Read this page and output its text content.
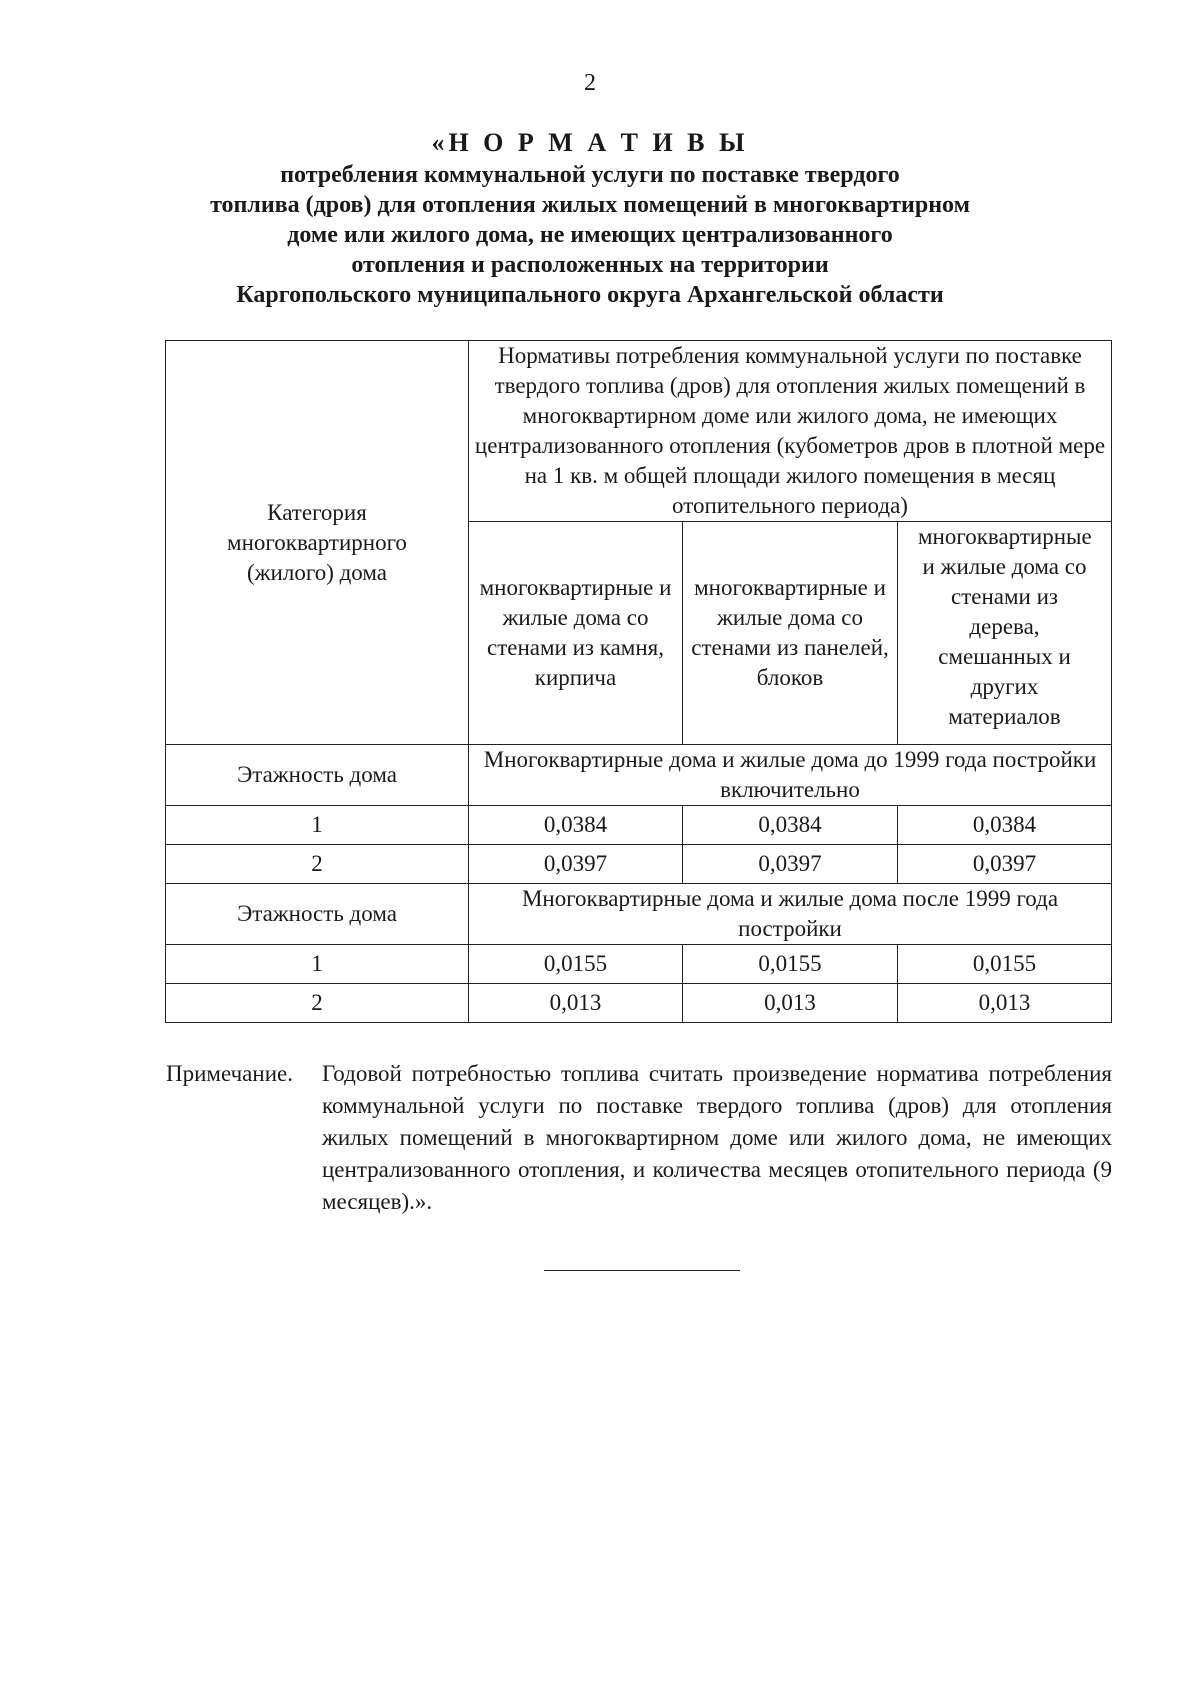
2
«Н О Р М А Т И В Ы
потребления коммунальной услуги по поставке твердого
топлива (дров) для отопления жилых помещений в многоквартирном
доме или жилого дома, не имеющих централизованного
отопления и расположенных на территории
Каргопольского муниципального округа Архангельской области
Категория многоквартирного (жилого) дома	Нормативы потребления коммунальной услуги по поставке твердого топлива (дров) для отопления жилых помещений в многоквартирном доме или жилого дома, не имеющих централизованного отопления (кубометров дров в плотной мере на 1 кв. м общей площади жилого помещения в месяц отопительного периода)		
	многоквартирные и жилые дома со стенами из камня, кирпича	многоквартирные и жилые дома со стенами из панелей, блоков	многоквартирные и жилые дома со стенами из дерева, смешанных и других материалов
Этажность дома	Многоквартирные дома и жилые дома до 1999 года постройки включительно		
1	0,0384	0,0384	0,0384
2	0,0397	0,0397	0,0397
Этажность дома	Многоквартирные дома и жилые дома после 1999 года постройки		
1	0,0155	0,0155	0,0155
2	0,013	0,013	0,013
Примечание. Годовой потребностью топлива считать произведение норматива потребления коммунальной услуги по поставке твердого топлива (дров) для отопления жилых помещений в многоквартирном доме или жилого дома, не имеющих централизованного отопления, и количества месяцев отопительного периода (9 месяцев).».
